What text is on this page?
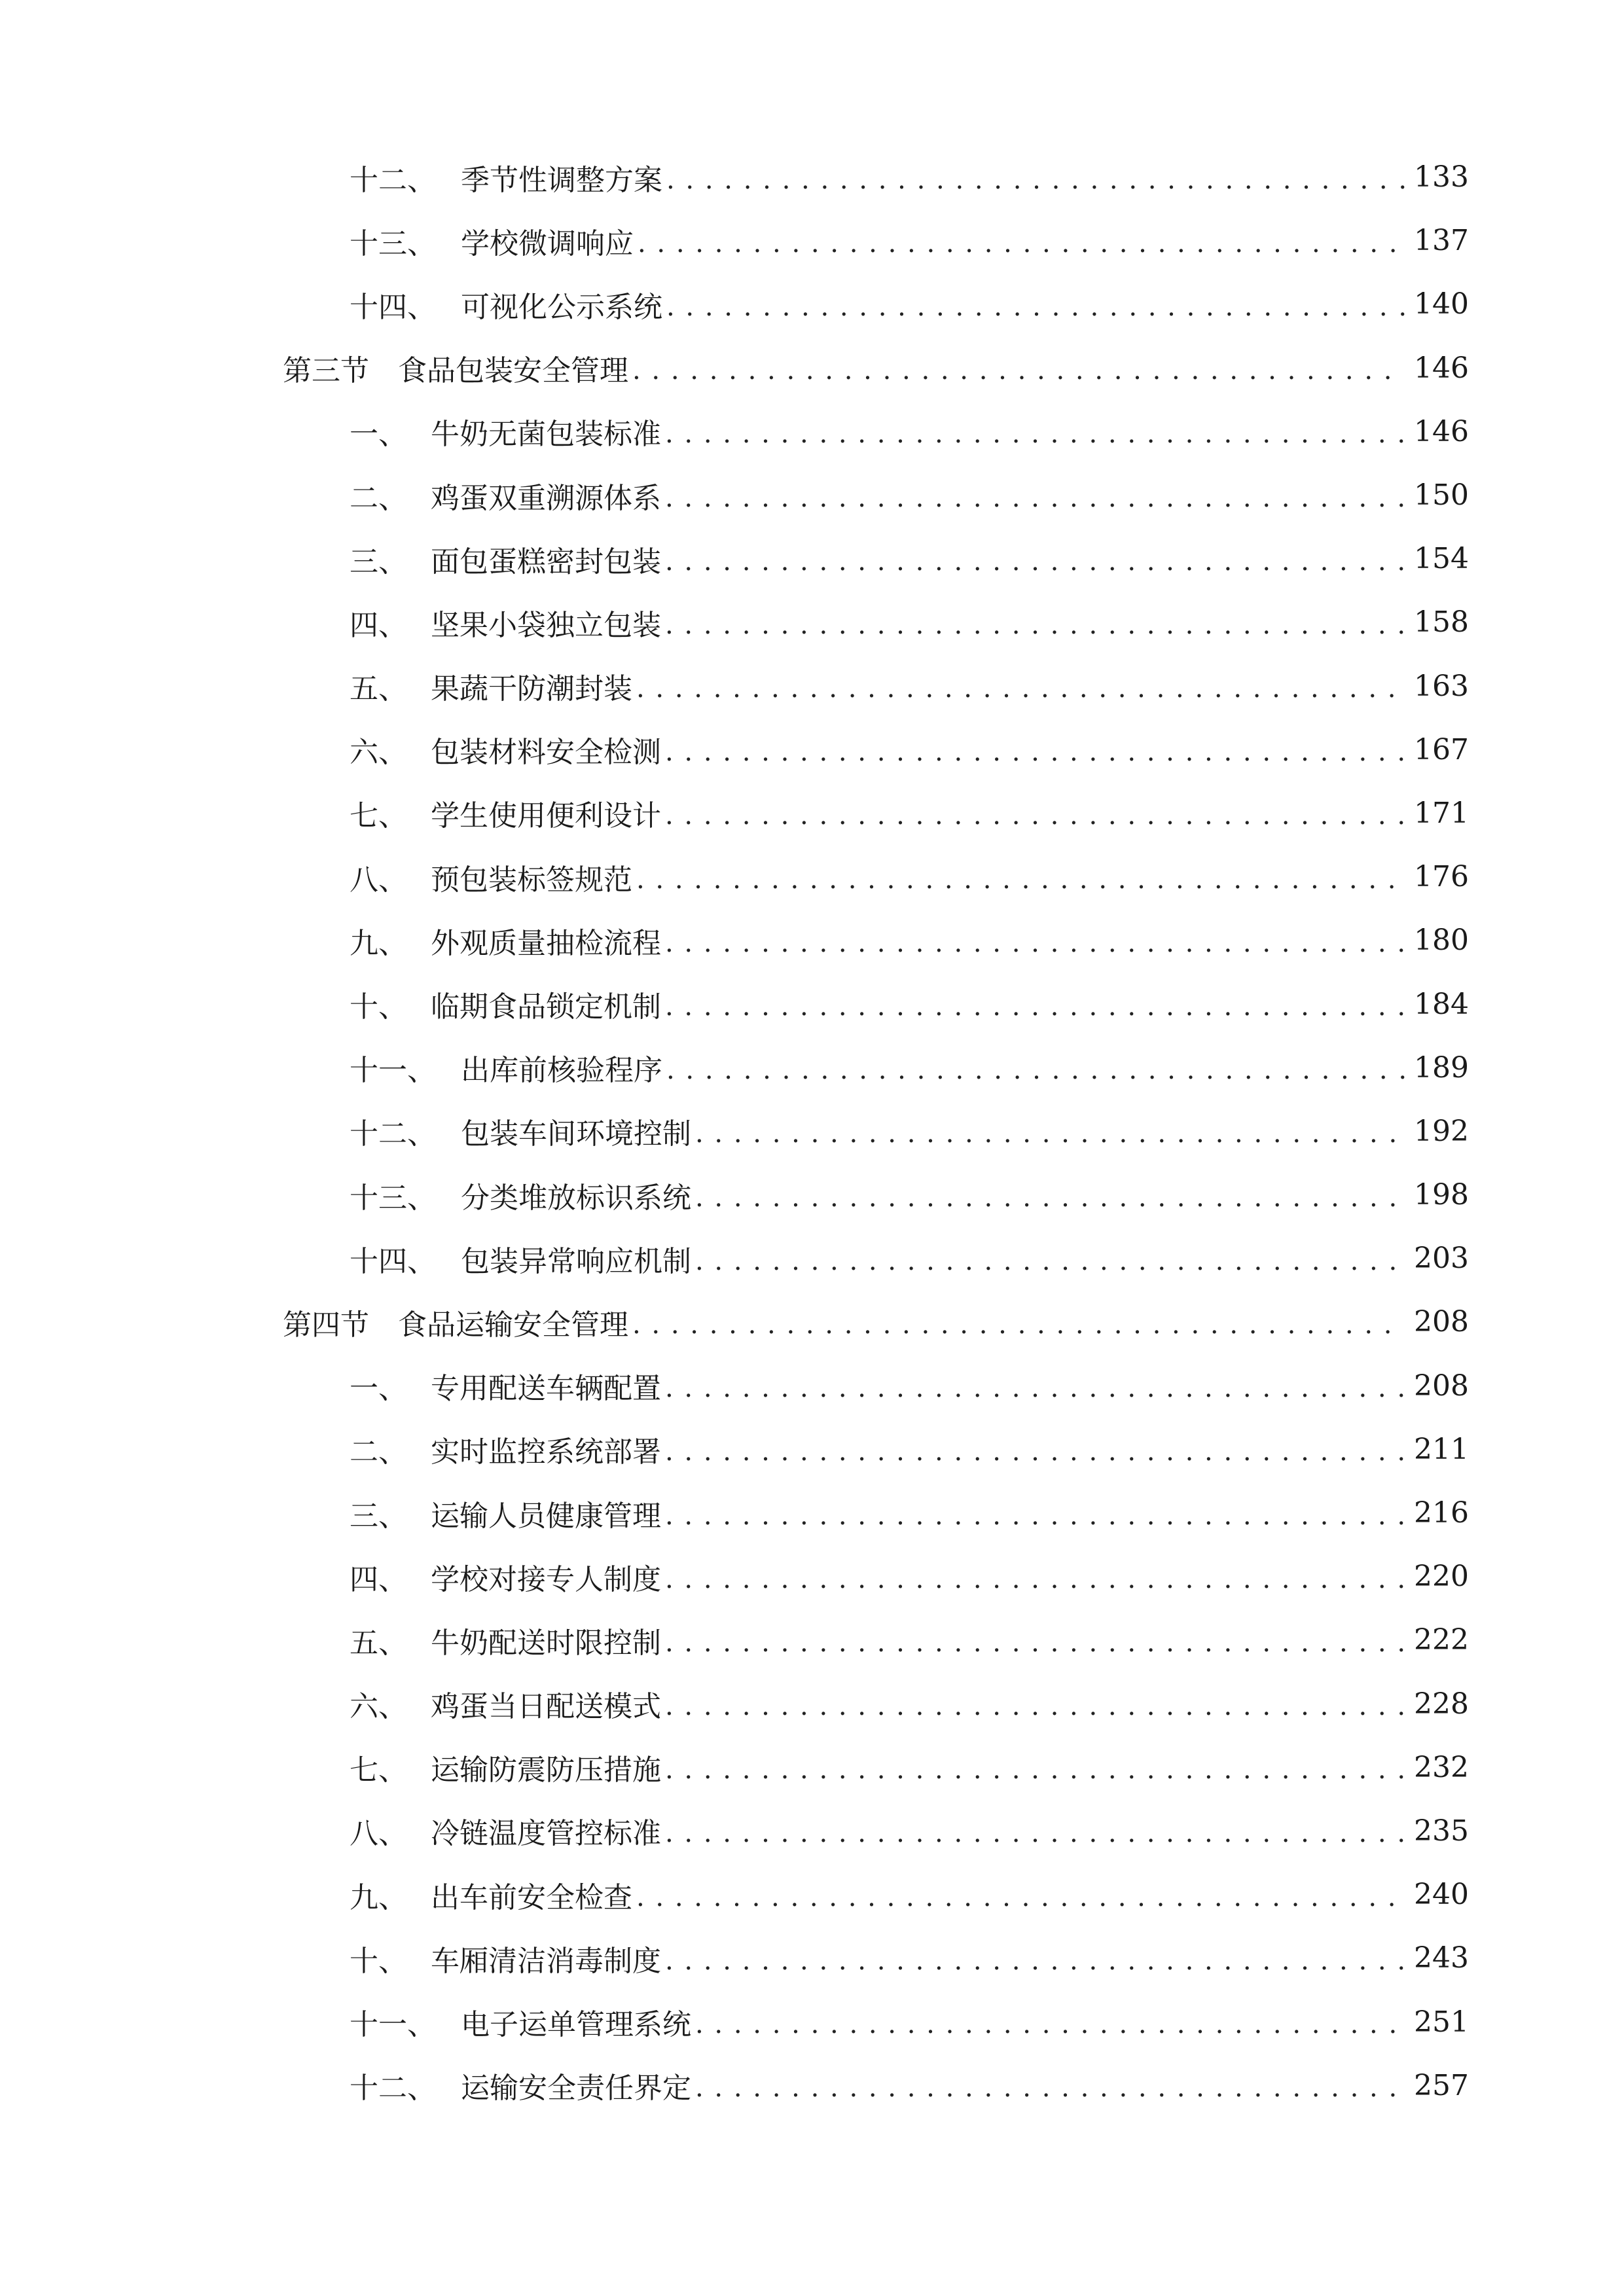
十二、 季节性调整方案 . . .	133
十三、 学校微调响应 . . .	137
十四、 可视化公示系统 . . .	140
第三节	食品包装安全管理 . . .	146
一、 牛奶无菌包装标准 . . .	146
二、 鸡蛋双重溯源体系 . . .	150
三、 面包蛋糕密封包装 . . .	154
四、 坚果小袋独立包装 . . .	158
五、 果蔬干防潮封装 . . .	163
六、 包装材料安全检测 . . .	167
七、 学生使用便利设计 . . .	171
八、 预包装标签规范 . . .	176
九、 外观质量抽检流程 . . .	180
十、 临期食品锁定机制 . . .	184
十一、 出库前核验程序 . . .	189
十二、 包装车间环境控制 . . .	192
十三、 分类堆放标识系统 . . .	198
十四、 包装异常响应机制 . . .	203
第四节	食品运输安全管理 . . .	208
一、 专用配送车辆配置 . . .	208
二、 实时监控系统部署 . . .	211
三、 运输人员健康管理 . . .	216
四、 学校对接专人制度 . . .	220
五、 牛奶配送时限控制 . . .	222
六、 鸡蛋当日配送模式 . . .	228
七、 运输防震防压措施 . . .	232
八、 冷链温度管控标准 . . .	235
九、 出车前安全检查 . . .	240
十、 车厢清洁消毒制度 . . .	243
十一、 电子运单管理系统 . . .	251
十二、 运输安全责任界定 . . .	257
